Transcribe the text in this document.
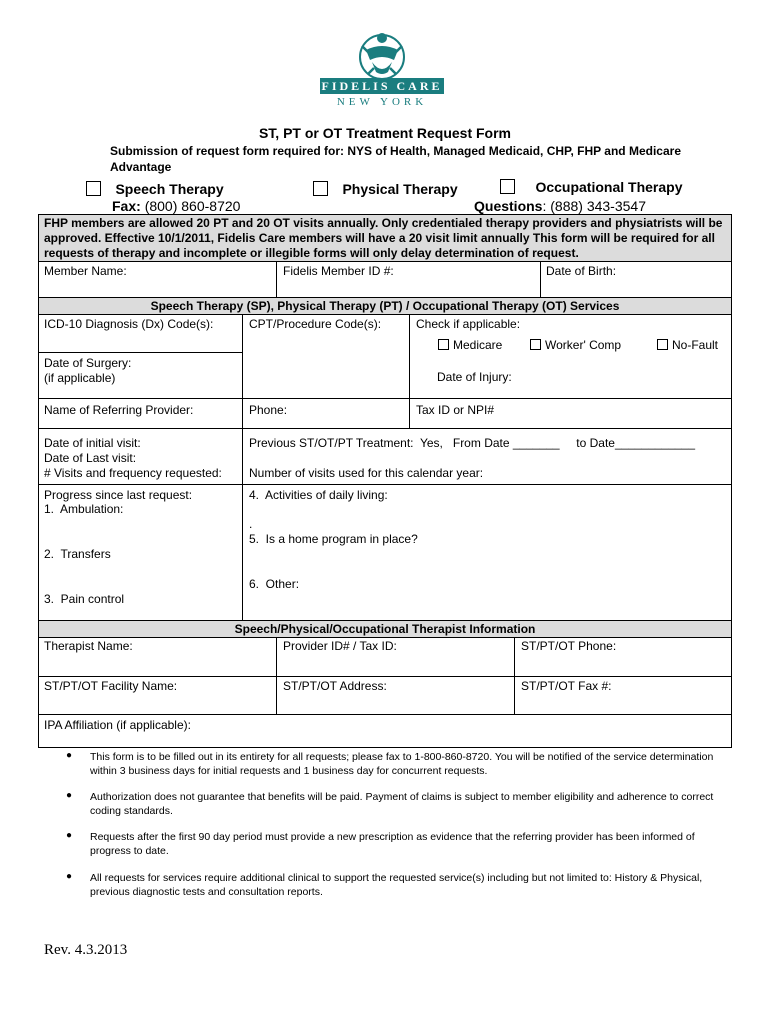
FIDELIS CARE
NEW YORK
ST, PT or OT Treatment Request Form
Submission of request form required for: NYS of Health, Managed Medicaid, CHP, FHP and Medicare Advantage
Speech Therapy	Physical Therapy	Occupational Therapy
Fax: (800) 860-8720	Questions: (888) 343-3547
FHP members are allowed 20 PT and 20 OT visits annually. Only credentialed therapy providers and physiatrists will be approved. Effective 10/1/2011, Fidelis Care members will have a 20 visit limit annually This form will be required for all requests of therapy and incomplete or illegible forms will only delay determination of request.
Member Name:	Fidelis Member ID #:	Date of Birth:
Speech Therapy (SP), Physical Therapy (PT) / Occupational Therapy (OT) Services
ICD-10 Diagnosis (Dx) Code(s):	CPT/Procedure Code(s):	Check if applicable:
Medicare	Worker' Comp	No-Fault
Date of Surgery:
(if applicable)	Date of Injury:
Name of Referring Provider:	Phone:	Tax ID or NPI#
Date of initial visit:
Date of Last visit:
# Visits and frequency requested:
Previous ST/OT/PT Treatment:  Yes,   From Date _______     to Date____________
Number of visits used for this calendar year:
Progress since last request:
1.  Ambulation:
2.  Transfers
3.  Pain control
4.  Activities of daily living:
.
5.  Is a home program in place?
6.  Other:
Speech/Physical/Occupational Therapist Information
Therapist Name:	Provider ID# / Tax ID:	ST/PT/OT Phone:
ST/PT/OT Facility Name:	ST/PT/OT Address:	ST/PT/OT Fax #:
IPA Affiliation (if applicable):
● This form is to be filled out in its entirety for all requests; please fax to 1-800-860-8720. You will be notified of the service determination within 3 business days for initial requests and 1 business day for concurrent requests.
● Authorization does not guarantee that benefits will be paid. Payment of claims is subject to member eligibility and adherence to correct coding standards.
● Requests after the first 90 day period must provide a new prescription as evidence that the referring provider has been informed of progress to date.
● All requests for services require additional clinical to support the requested service(s) including but not limited to: History & Physical, previous diagnostic tests and consultation reports.
Rev. 4.3.2013
